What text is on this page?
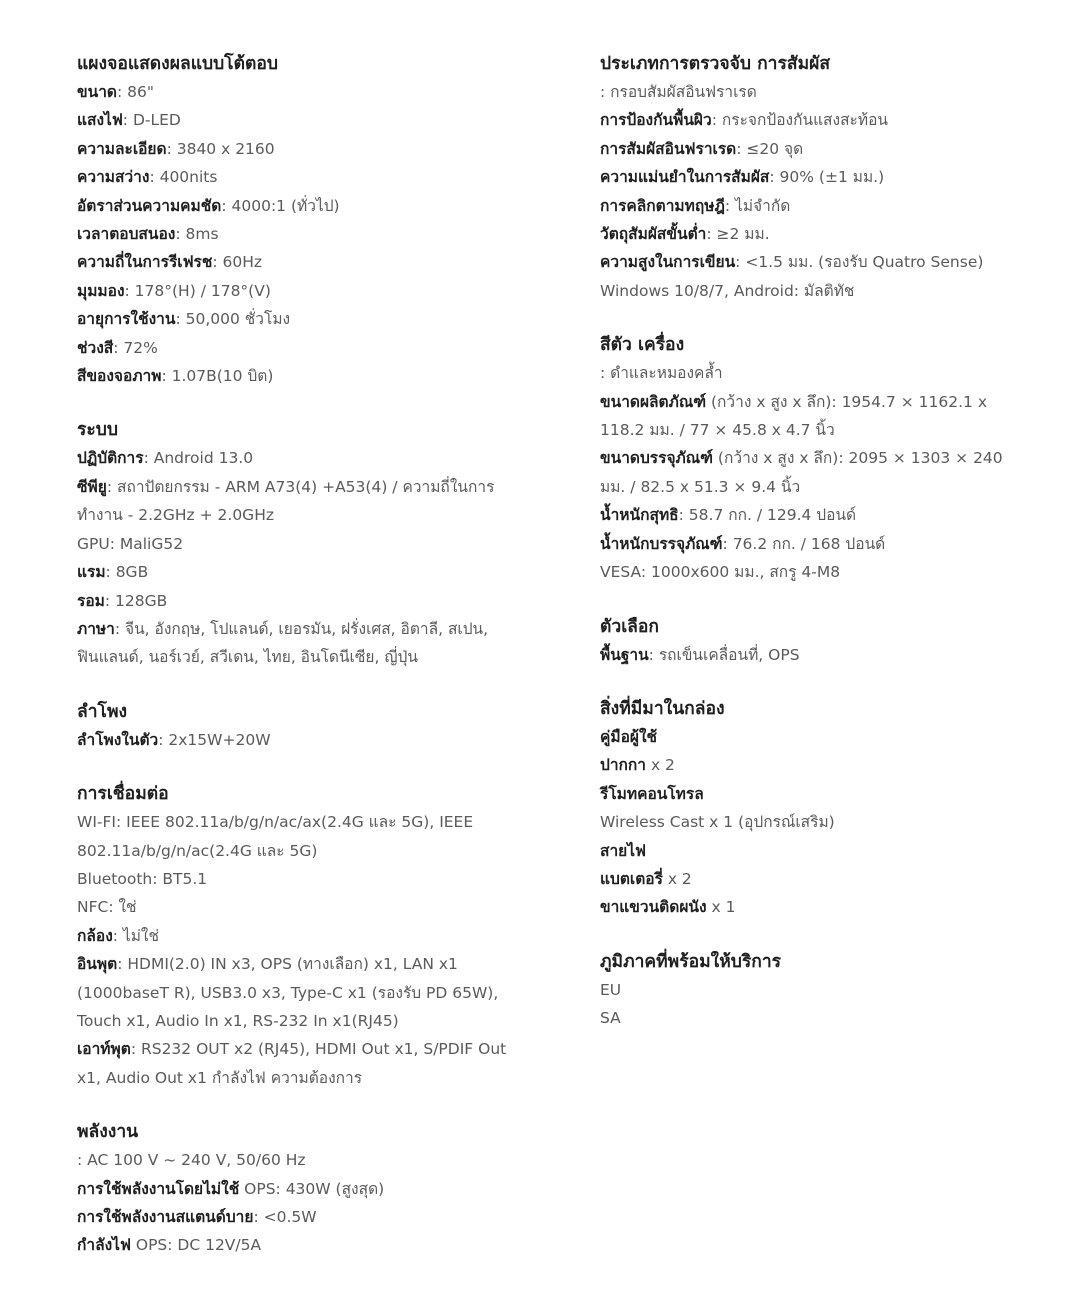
แผงจอแสดงผลแบบโต้ตอบ
ขนาด: 86"
แสงไฟ: D-LED
ความละเอียด: 3840 x 2160
ความสว่าง: 400nits
อัตราส่วนความคมชัด: 4000:1 (ทั่วไป)
เวลาตอบสนอง: 8ms
ความถี่ในการรีเฟรช: 60Hz
มุมมอง: 178°(H) / 178°(V)
อายุการใช้งาน: 50,000 ชั่วโมง
ช่วงสี: 72%
สีของจอภาพ: 1.07B(10 บิต)
ระบบ
ปฏิบัติการ: Android 13.0
ซีพียู: สถาปัตยกรรม - ARM A73(4) +A53(4) / ความถี่ในการทำงาน - 2.2GHz + 2.0GHz
GPU: MaliG52
แรม: 8GB
รอม: 128GB
ภาษา: จีน, อังกฤษ, โปแลนด์, เยอรมัน, ฝรั่งเศส, อิตาลี, สเปน, ฟินแลนด์, นอร์เวย์, สวีเดน, ไทย, อินโดนีเซีย, ญี่ปุ่น
ลำโพง
ลำโพงในตัว: 2x15W+20W
การเชื่อมต่อ
WI-FI: IEEE 802.11a/b/g/n/ac/ax(2.4G และ 5G), IEEE 802.11a/b/g/n/ac(2.4G และ 5G)
Bluetooth: BT5.1
NFC: ใช่
กล้อง: ไม่ใช่
อินพุต: HDMI(2.0) IN x3, OPS (ทางเลือก) x1, LAN x1 (1000baseT R), USB3.0 x3, Type-C x1 (รองรับ PD 65W), Touch x1, Audio In x1, RS-232 In x1(RJ45)
เอาท์พุต: RS232 OUT x2 (RJ45), HDMI Out x1, S/PDIF Out x1, Audio Out x1 กำลังไฟ ความต้องการ
พลังงาน
: AC 100 V ~ 240 V, 50/60 Hz
การใช้พลังงานโดยไม่ใช้ OPS: 430W (สูงสุด)
การใช้พลังงานสแตนด์บาย: <0.5W
กำลังไฟ OPS: DC 12V/5A
ประเภทการตรวจจับ การสัมผัส
: กรอบสัมผัสอินฟราเรด
การป้องกันพื้นผิว: กระจกป้องกันแสงสะท้อน
การสัมผัสอินฟราเรด: ≤20 จุด
ความแม่นยำในการสัมผัส: 90% (±1 มม.)
การคลิกตามทฤษฎี: ไม่จำกัด
วัตถุสัมผัสขั้นต่ำ: ≥2 มม.
ความสูงในการเขียน: <1.5 มม. (รองรับ Quatro Sense)
Windows 10/8/7, Android: มัลติทัช
สีตัว เครื่อง
: ดำและหมองคล้ำ
ขนาดผลิตภัณฑ์ (กว้าง x สูง x ลึก): 1954.7 × 1162.1 x 118.2 มม. / 77 × 45.8 x 4.7 นิ้ว
ขนาดบรรจุภัณฑ์ (กว้าง x สูง x ลึก): 2095 × 1303 × 240 มม. / 82.5 x 51.3 × 9.4 นิ้ว
น้ำหนักสุทธิ: 58.7 กก. / 129.4 ปอนด์
น้ำหนักบรรจุภัณฑ์: 76.2 กก. / 168 ปอนด์
VESA: 1000x600 มม., สกรู 4-M8
ตัวเลือก
พื้นฐาน: รถเข็นเคลื่อนที่, OPS
สิ่งที่มีมาในกล่อง
คู่มือผู้ใช้
ปากกา x 2
รีโมทคอนโทรล
Wireless Cast x 1 (อุปกรณ์เสริม)
สายไฟ
แบตเตอรี่ x 2
ขาแขวนติดผนัง x 1
ภูมิภาคที่พร้อมให้บริการ
EU
SA
